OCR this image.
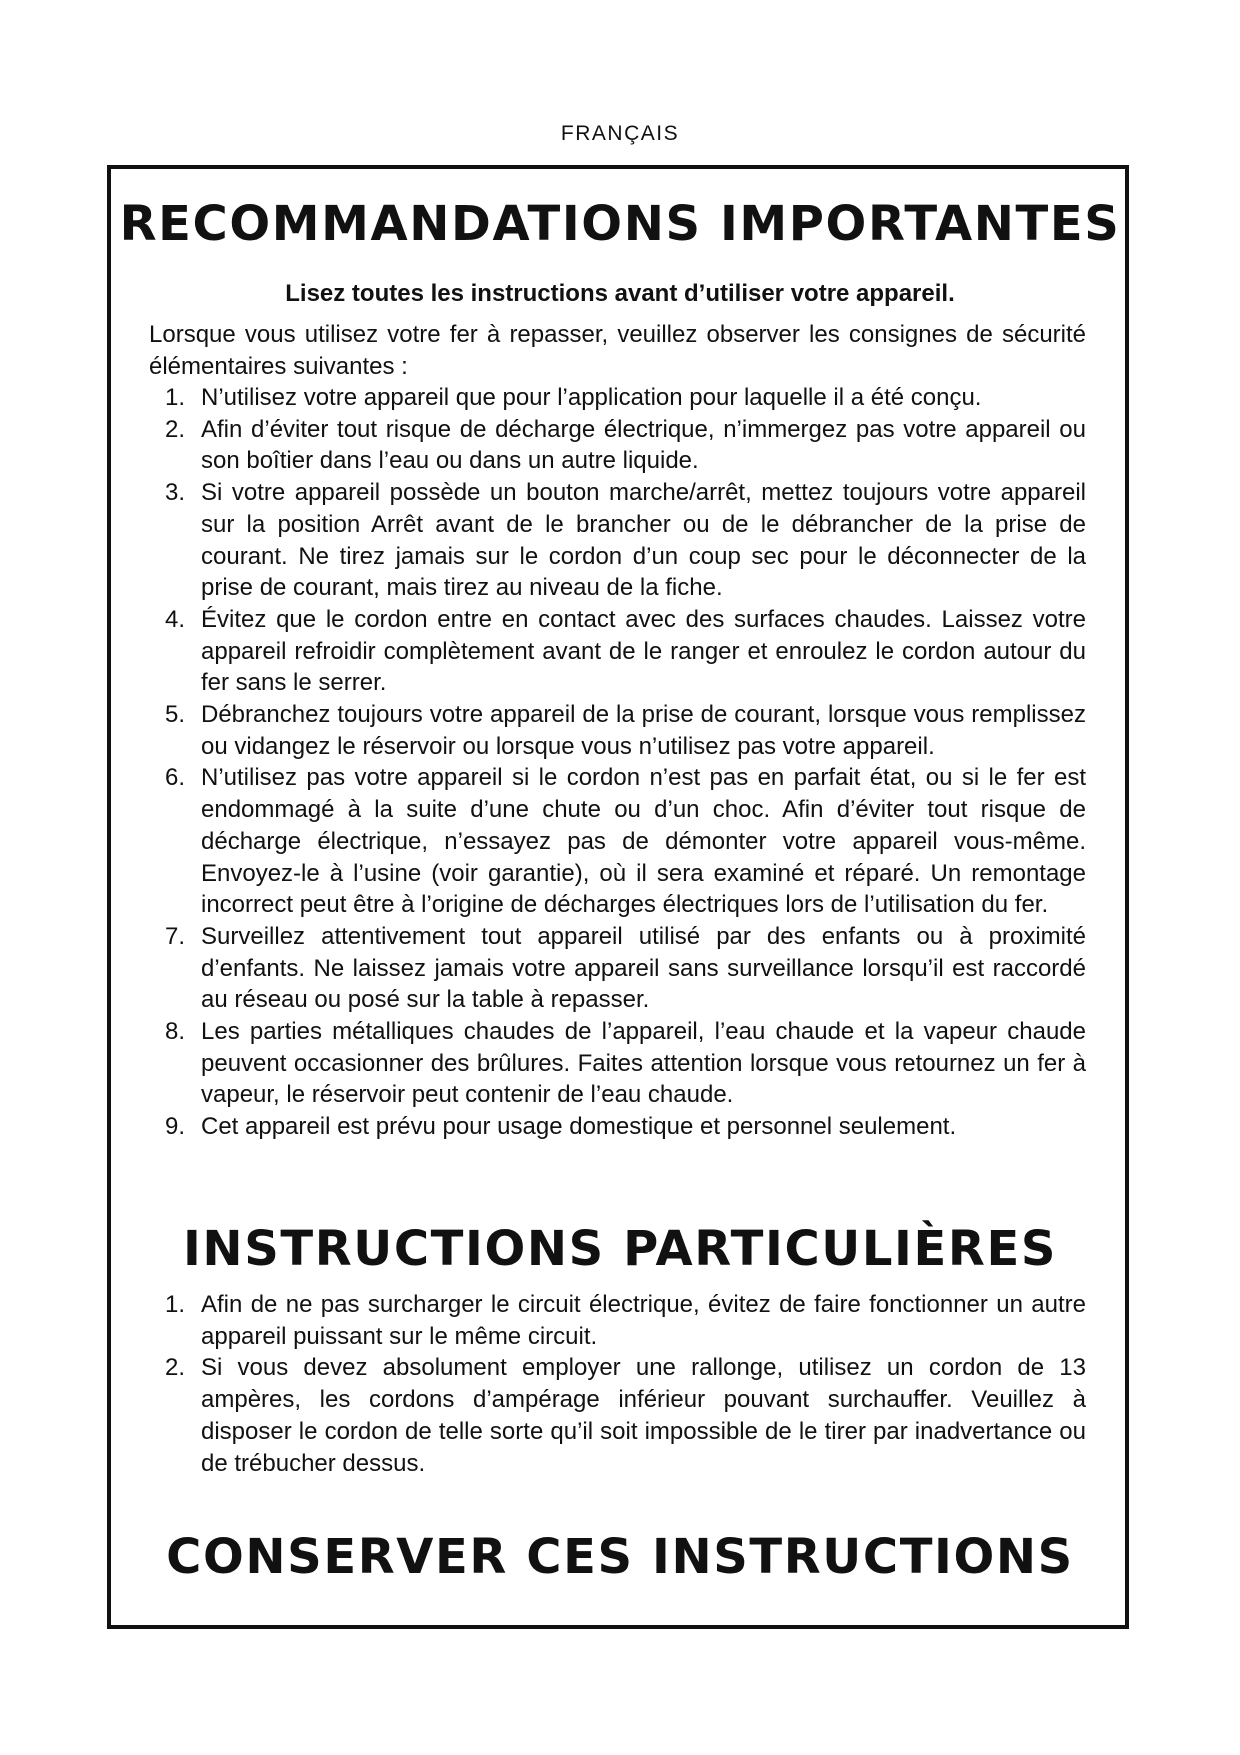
FRANÇAIS
RECOMMANDATIONS IMPORTANTES
Lisez toutes les instructions avant d’utiliser votre appareil.
Lorsque vous utilisez votre fer à repasser, veuillez observer les consignes de sécurité élémentaires suivantes :
1. N’utilisez votre appareil que pour l’application pour laquelle il a été conçu.
2. Afin d’éviter tout risque de décharge électrique, n’immergez pas votre appareil ou son boîtier dans l’eau ou dans un autre liquide.
3. Si votre appareil possède un bouton marche/arrêt, mettez toujours votre appareil sur la position Arrêt avant de le brancher ou de le débrancher de la prise de courant. Ne tirez jamais sur le cordon d’un coup sec pour le déconnecter de la prise de courant, mais tirez au niveau de la fiche.
4. Évitez que le cordon entre en contact avec des surfaces chaudes. Laissez votre appareil refroidir complètement avant de le ranger et enroulez le cordon autour du fer sans le serrer.
5. Débranchez toujours votre appareil de la prise de courant, lorsque vous remplissez ou vidangez le réservoir ou lorsque vous n’utilisez pas votre appareil.
6. N’utilisez pas votre appareil si le cordon n’est pas en parfait état, ou si le fer est endommagé à la suite d’une chute ou d’un choc. Afin d’éviter tout risque de décharge électrique, n’essayez pas de démonter votre appareil vous-même. Envoyez-le à l’usine (voir garantie), où il sera examiné et réparé. Un remontage incorrect peut être à l’origine de décharges électriques lors de l’utilisation du fer.
7. Surveillez attentivement tout appareil utilisé par des enfants ou à proximité d’enfants. Ne laissez jamais votre appareil sans surveillance lorsqu’il est raccordé au réseau ou posé sur la table à repasser.
8. Les parties métalliques chaudes de l’appareil, l’eau chaude et la vapeur chaude peuvent occasionner des brûlures. Faites attention lorsque vous retournez un fer à vapeur, le réservoir peut contenir de l’eau chaude.
9. Cet appareil est prévu pour usage domestique et personnel seulement.
INSTRUCTIONS PARTICULIÈRES
1. Afin de ne pas surcharger le circuit électrique, évitez de faire fonctionner un autre appareil puissant sur le même circuit.
2. Si vous devez absolument employer une rallonge, utilisez un cordon de 13 ampères, les cordons d’ampérage inférieur pouvant surchauffer. Veuillez à disposer le cordon de telle sorte qu’il soit impossible de le tirer par inadvertance ou de trébucher dessus.
CONSERVER CES INSTRUCTIONS
